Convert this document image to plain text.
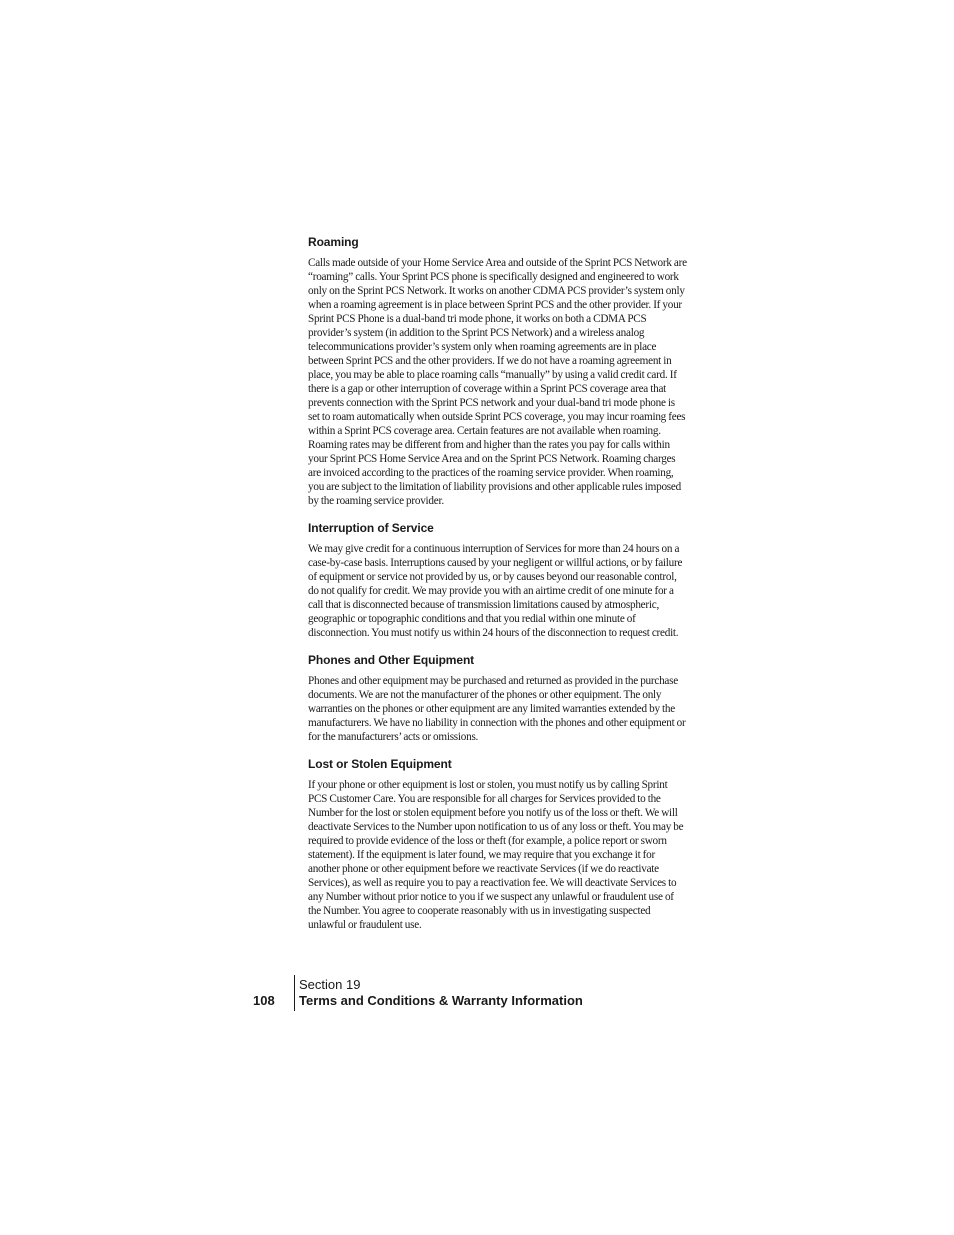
Roaming

Calls made outside of your Home Service Area and outside of the Sprint PCS Network are “roaming” calls. Your Sprint PCS phone is specifically designed and engineered to work only on the Sprint PCS Network. It works on another CDMA PCS provider’s system only when a roaming agreement is in place between Sprint PCS and the other provider. If your Sprint PCS Phone is a dual-band tri mode phone, it works on both a CDMA PCS provider’s system (in addition to the Sprint PCS Network) and a wireless analog telecommunications provider’s system only when roaming agreements are in place between Sprint PCS and the other providers. If we do not have a roaming agreement in place, you may be able to place roaming calls “manually” by using a valid credit card. If there is a gap or other interruption of coverage within a Sprint PCS coverage area that prevents connection with the Sprint PCS network and your dual-band tri mode phone is set to roam automatically when outside Sprint PCS coverage, you may incur roaming fees within a Sprint PCS coverage area. Certain features are not available when roaming. Roaming rates may be different from and higher than the rates you pay for calls within your Sprint PCS Home Service Area and on the Sprint PCS Network. Roaming charges are invoiced according to the practices of the roaming service provider. When roaming, you are subject to the limitation of liability provisions and other applicable rules imposed by the roaming service provider.

Interruption of Service

We may give credit for a continuous interruption of Services for more than 24 hours on a case-by-case basis. Interruptions caused by your negligent or willful actions, or by failure of equipment or service not provided by us, or by causes beyond our reasonable control, do not qualify for credit. We may provide you with an airtime credit of one minute for a call that is disconnected because of transmission limitations caused by atmospheric, geographic or topographic conditions and that you redial within one minute of disconnection. You must notify us within 24 hours of the disconnection to request credit.

Phones and Other Equipment

Phones and other equipment may be purchased and returned as provided in the purchase documents. We are not the manufacturer of the phones or other equipment. The only warranties on the phones or other equipment are any limited warranties extended by the manufacturers. We have no liability in connection with the phones and other equipment or for the manufacturers’ acts or omissions.

Lost or Stolen Equipment

If your phone or other equipment is lost or stolen, you must notify us by calling Sprint PCS Customer Care. You are responsible for all charges for Services provided to the Number for the lost or stolen equipment before you notify us of the loss or theft. We will deactivate Services to the Number upon notification to us of any loss or theft. You may be required to provide evidence of the loss or theft (for example, a police report or sworn statement). If the equipment is later found, we may require that you exchange it for another phone or other equipment before we reactivate Services (if we do reactivate Services), as well as require you to pay a reactivation fee. We will deactivate Services to any Number without prior notice to you if we suspect any unlawful or fraudulent use of the Number. You agree to cooperate reasonably with us in investigating suspected unlawful or fraudulent use.

108
Section 19
Terms and Conditions & Warranty Information
